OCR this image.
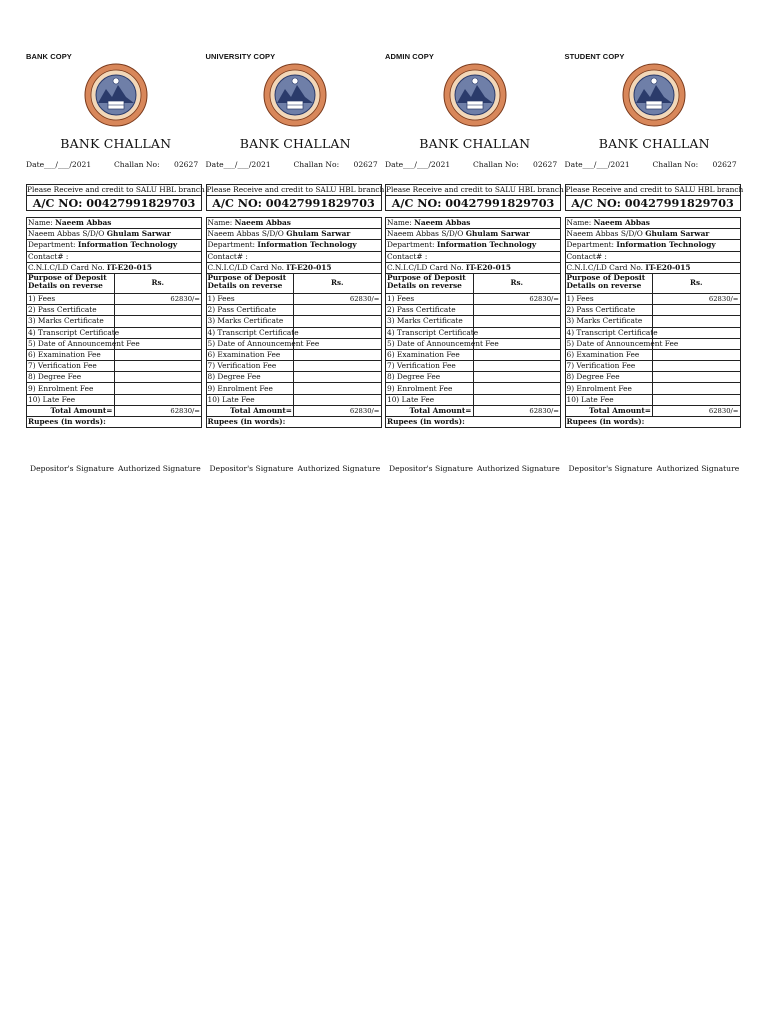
BANK COPY
BANK CHALLAN
Date ___/___/2021	Challan No:	02627
Please Receive and credit to SALU HBL branch
A/C NO: 00427991829703
Name: Naeem Abbas	
Naeem Abbas S/D/O Ghulam Sarwar	
Department: Information Technology	
Contact# :	
C.N.I.C/LD Card No. IT-E20-015	
Purpose of Deposit Details on reverse	Rs.
1) Fees	62830/=
2) Pass Certificate	
3) Marks Certificate	
4) Transcript Certificate	
5) Date of Announcement Fee	
6) Examination Fee	
7) Verification Fee	
8) Degree Fee	
9) Enrolment Fee	
10) Late Fee	
Total Amount=	62830/=
Rupees (in words):	
Depositor's Signature Authorized Signature
UNIVERSITY COPY
BANK CHALLAN
Date ___/___/2021	Challan No:	02627
Please Receive and credit to SALU HBL branch
A/C NO: 00427991829703
Name: Naeem Abbas	
Naeem Abbas S/D/O Ghulam Sarwar	
Department: Information Technology	
Contact# :	
C.N.I.C/LD Card No. IT-E20-015	
Purpose of Deposit Details on reverse	Rs.
1) Fees	62830/=
2) Pass Certificate	
3) Marks Certificate	
4) Transcript Certificate	
5) Date of Announcement Fee	
6) Examination Fee	
7) Verification Fee	
8) Degree Fee	
9) Enrolment Fee	
10) Late Fee	
Total Amount=	62830/=
Rupees (in words):	
Depositor's Signature Authorized Signature
ADMIN COPY
BANK CHALLAN
Date ___/___/2021	Challan No:	02627
Please Receive and credit to SALU HBL branch
A/C NO: 00427991829703
Name: Naeem Abbas	
Naeem Abbas S/D/O Ghulam Sarwar	
Department: Information Technology	
Contact# :	
C.N.I.C/LD Card No. IT-E20-015	
Purpose of Deposit Details on reverse	Rs.
1) Fees	62830/=
2) Pass Certificate	
3) Marks Certificate	
4) Transcript Certificate	
5) Date of Announcement Fee	
6) Examination Fee	
7) Verification Fee	
8) Degree Fee	
9) Enrolment Fee	
10) Late Fee	
Total Amount=	62830/=
Rupees (in words):	
Depositor's Signature Authorized Signature
STUDENT COPY
BANK CHALLAN
Date ___/___/2021	Challan No:	02627
Please Receive and credit to SALU HBL branch
A/C NO: 00427991829703
Name: Naeem Abbas	
Naeem Abbas S/D/O Ghulam Sarwar	
Department: Information Technology	
Contact# :	
C.N.I.C/LD Card No. IT-E20-015	
Purpose of Deposit Details on reverse	Rs.
1) Fees	62830/=
2) Pass Certificate	
3) Marks Certificate	
4) Transcript Certificate	
5) Date of Announcement Fee	
6) Examination Fee	
7) Verification Fee	
8) Degree Fee	
9) Enrolment Fee	
10) Late Fee	
Total Amount=	62830/=
Rupees (in words):	
Depositor's Signature Authorized Signature
